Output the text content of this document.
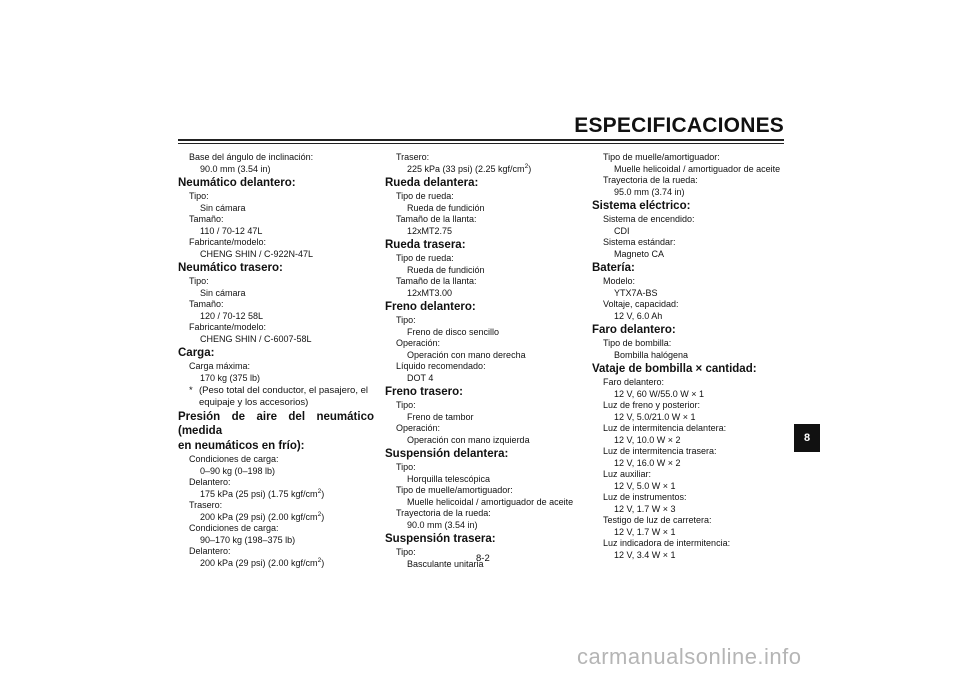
ESPECIFICACIONES
Base del ángulo de inclinación:
90.0 mm (3.54 in)
Neumático delantero:
Tipo:
Sin cámara
Tamaño:
110 / 70-12 47L
Fabricante/modelo:
CHENG SHIN / C-922N-47L
Neumático trasero:
Tipo:
Sin cámara
Tamaño:
120 / 70-12 58L
Fabricante/modelo:
CHENG SHIN / C-6007-58L
Carga:
Carga máxima:
170 kg (375 lb)
* (Peso total del conductor, el pasajero, el
equipaje y los accesorios)
Presión de aire del neumático (medida
en neumáticos en frío):
Condiciones de carga:
0–90 kg (0–198 lb)
Delantero:
175 kPa (25 psi) (1.75 kgf/$cm^2$)
Trasero:
200 kPa (29 psi) (2.00 kgf/$cm^2$)
Condiciones de carga:
90–170 kg (198–375 lb)
Delantero:
200 kPa (29 psi) (2.00 kgf/$cm^2$)
Trasero:
225 kPa (33 psi) (2.25 kgf/$cm^2$)
Rueda delantera:
Tipo de rueda:
Rueda de fundición
Tamaño de la llanta:
12xMT2.75
Rueda trasera:
Tipo de rueda:
Rueda de fundición
Tamaño de la llanta:
12xMT3.00
Freno delantero:
Tipo:
Freno de disco sencillo
Operación:
Operación con mano derecha
Líquido recomendado:
DOT 4
Freno trasero:
Tipo:
Freno de tambor
Operación:
Operación con mano izquierda
Suspensión delantera:
Tipo:
Horquilla telescópica
Tipo de muelle/amortiguador:
Muelle helicoidal / amortiguador de aceite
Trayectoria de la rueda:
90.0 mm (3.54 in)
Suspensión trasera:
Tipo:
Basculante unitaria
Tipo de muelle/amortiguador:
Muelle helicoidal / amortiguador de aceite
Trayectoria de la rueda:
95.0 mm (3.74 in)
Sistema eléctrico:
Sistema de encendido:
CDI
Sistema estándar:
Magneto CA
Batería:
Modelo:
YTX7A-BS
Voltaje, capacidad:
12 V, 6.0 Ah
Faro delantero:
Tipo de bombilla:
Bombilla halógena
Vataje de bombilla × cantidad:
Faro delantero:
12 V, 60 W/55.0 W × 1
Luz de freno y posterior:
12 V, 5.0/21.0 W × 1
Luz de intermitencia delantera:
12 V, 10.0 W × 2
Luz de intermitencia trasera:
12 V, 16.0 W × 2
Luz auxiliar:
12 V, 5.0 W × 1
Luz de instrumentos:
12 V, 1.7 W × 3
Testigo de luz de carretera:
12 V, 1.7 W × 1
Luz indicadora de intermitencia:
12 V, 3.4 W × 1
8
8-2
carmanualsonline.info
